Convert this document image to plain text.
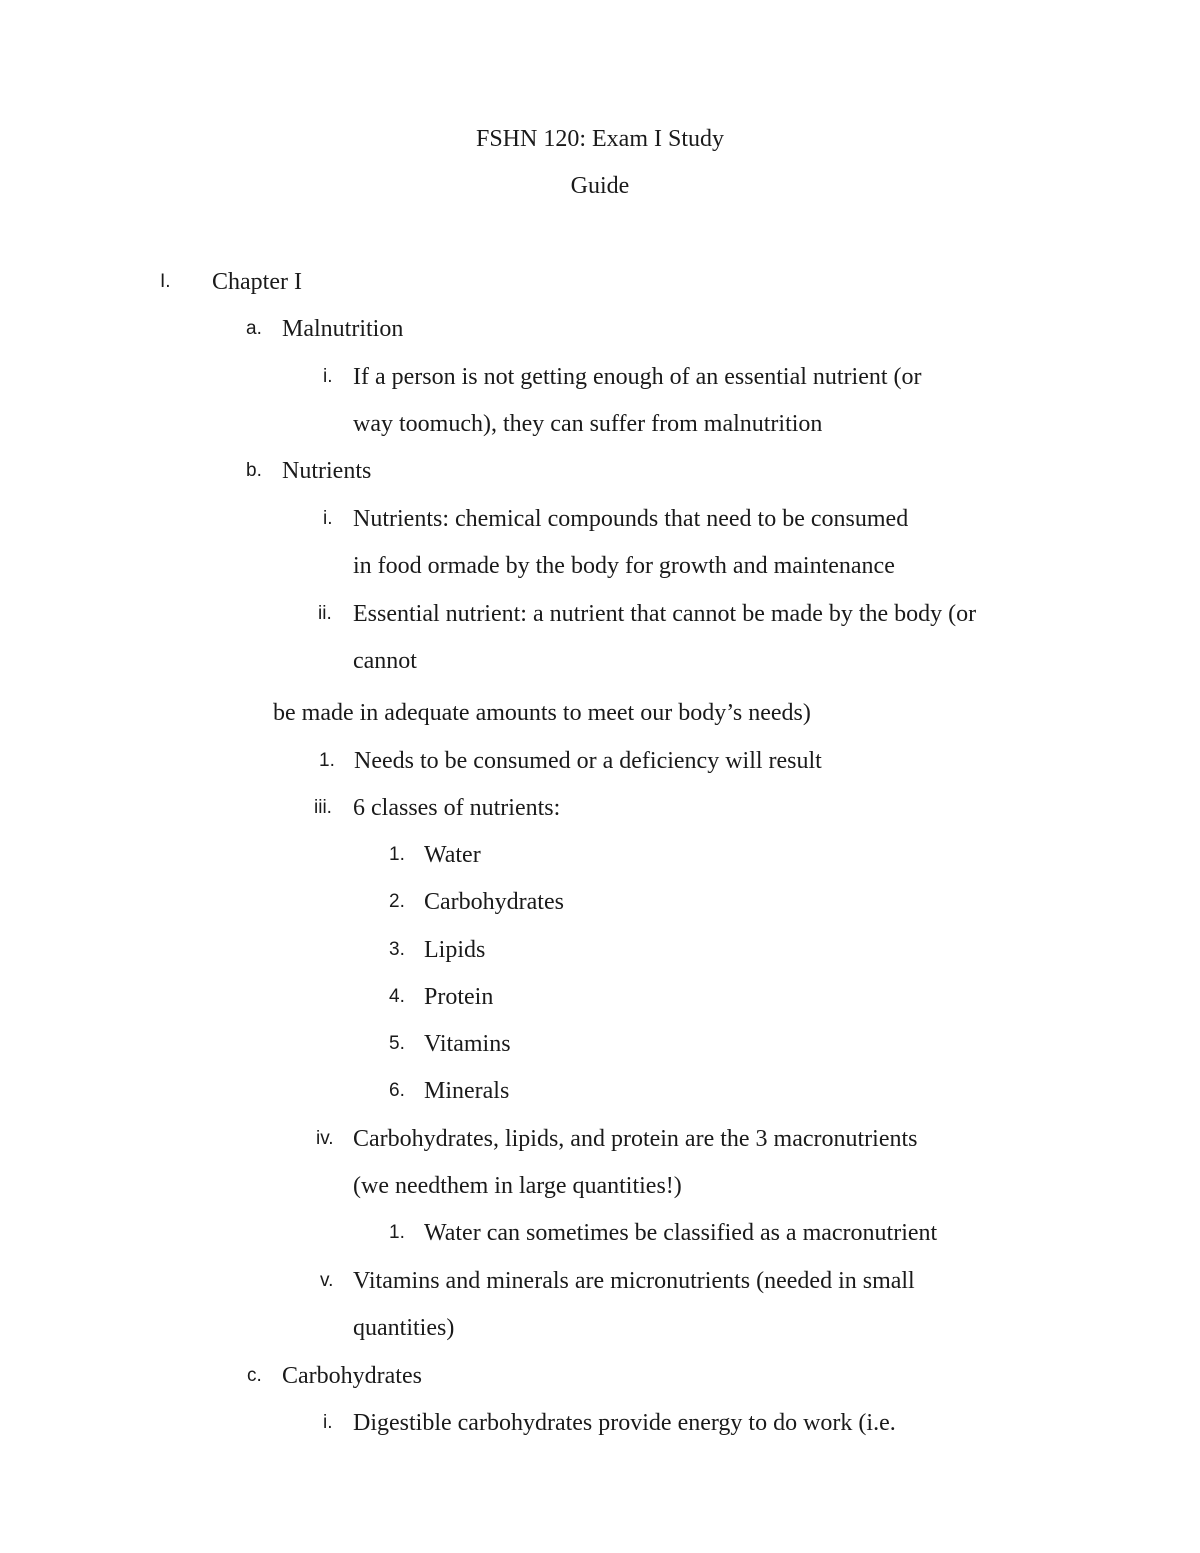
FSHN 120: Exam I Study
Guide
I. Chapter I
a. Malnutrition
i. If a person is not getting enough of an essential nutrient (or
way toomuch), they can suffer from malnutrition
b. Nutrients
i. Nutrients: chemical compounds that need to be consumed
in food ormade by the body for growth and maintenance
ii. Essential nutrient: a nutrient that cannot be made by the body (or
cannot
be made in adequate amounts to meet our body’s needs)
1. Needs to be consumed or a deficiency will result
iii. 6 classes of nutrients:
1. Water
2. Carbohydrates
3. Lipids
4. Protein
5. Vitamins
6. Minerals
iv. Carbohydrates, lipids, and protein are the 3 macronutrients
(we needthem in large quantities!)
1. Water can sometimes be classified as a macronutrient
v. Vitamins and minerals are micronutrients (needed in small
quantities)
c. Carbohydrates
i. Digestible carbohydrates provide energy to do work (i.e.
